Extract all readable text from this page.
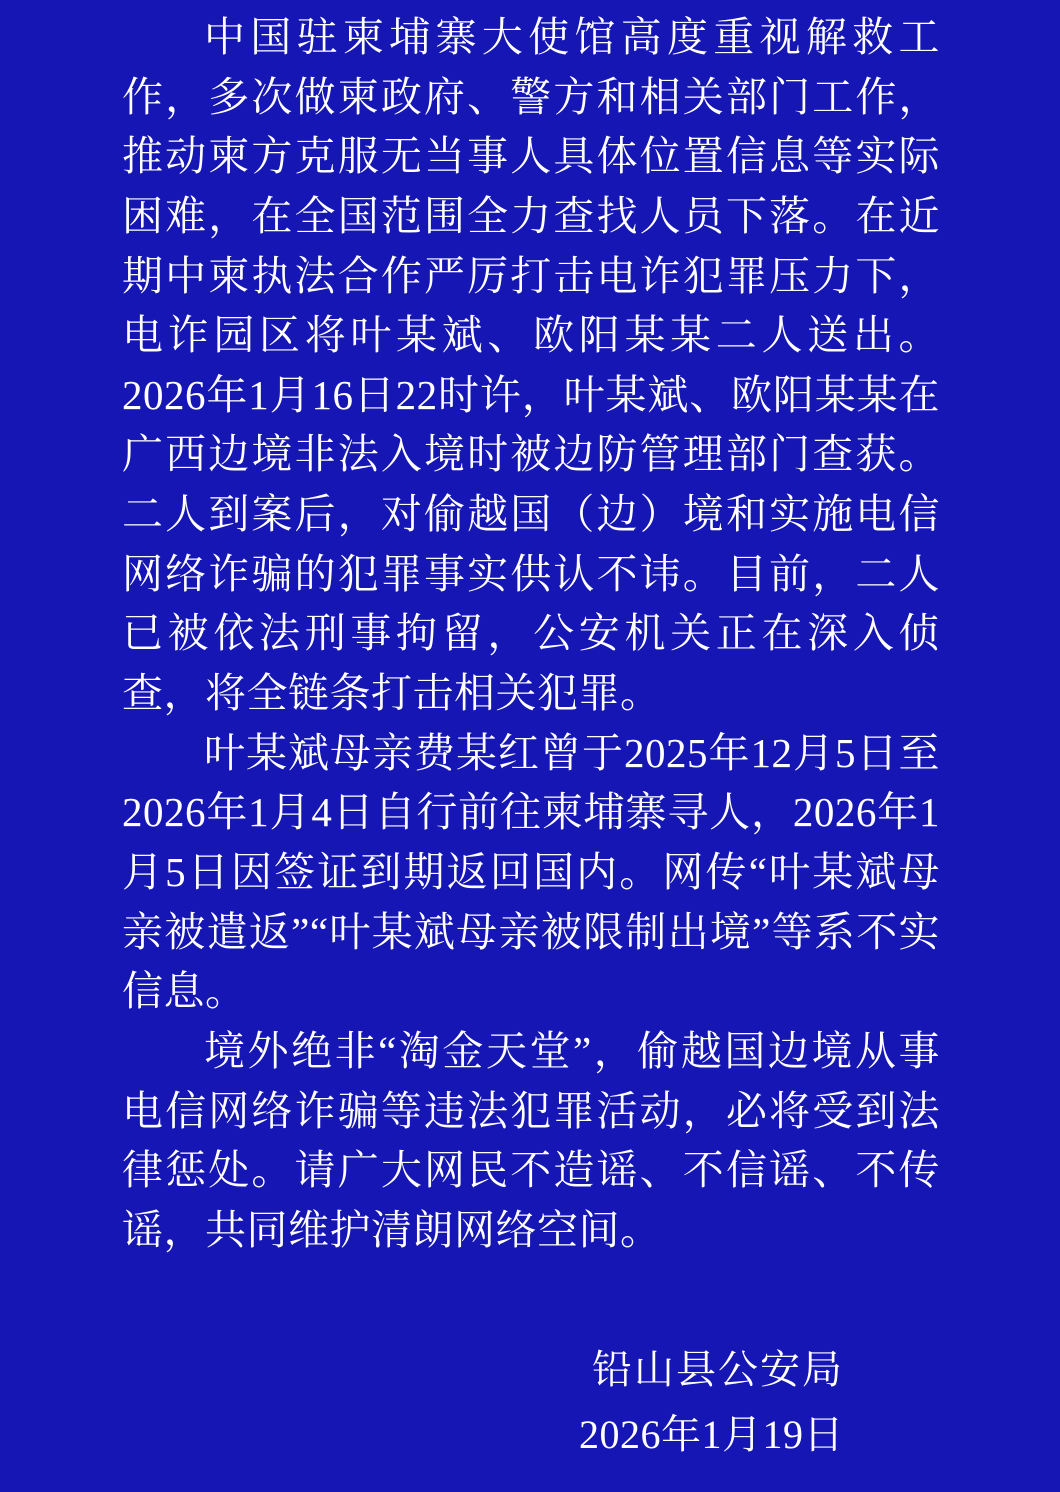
中国驻柬埔寨大使馆高度重视解救工作，多次做柬政府、警方和相关部门工作，推动柬方克服无当事人具体位置信息等实际困难，在全国范围全力查找人员下落。在近期中柬执法合作严厉打击电诈犯罪压力下，电诈园区将叶某斌、欧阳某某二人送出。2026年1月16日22时许，叶某斌、欧阳某某在广西边境非法入境时被边防管理部门查获。二人到案后，对偷越国（边）境和实施电信网络诈骗的犯罪事实供认不讳。目前，二人已被依法刑事拘留，公安机关正在深入侦查，将全链条打击相关犯罪。

叶某斌母亲费某红曾于2025年12月5日至2026年1月4日自行前往柬埔寨寻人，2026年1月5日因签证到期返回国内。网传“叶某斌母亲被遣返”“叶某斌母亲被限制出境”等系不实信息。

境外绝非“淘金天堂”，偷越国边境从事电信网络诈骗等违法犯罪活动，必将受到法律惩处。请广大网民不造谣、不信谣、不传谣，共同维护清朗网络空间。

铅山县公安局
2026年1月19日
